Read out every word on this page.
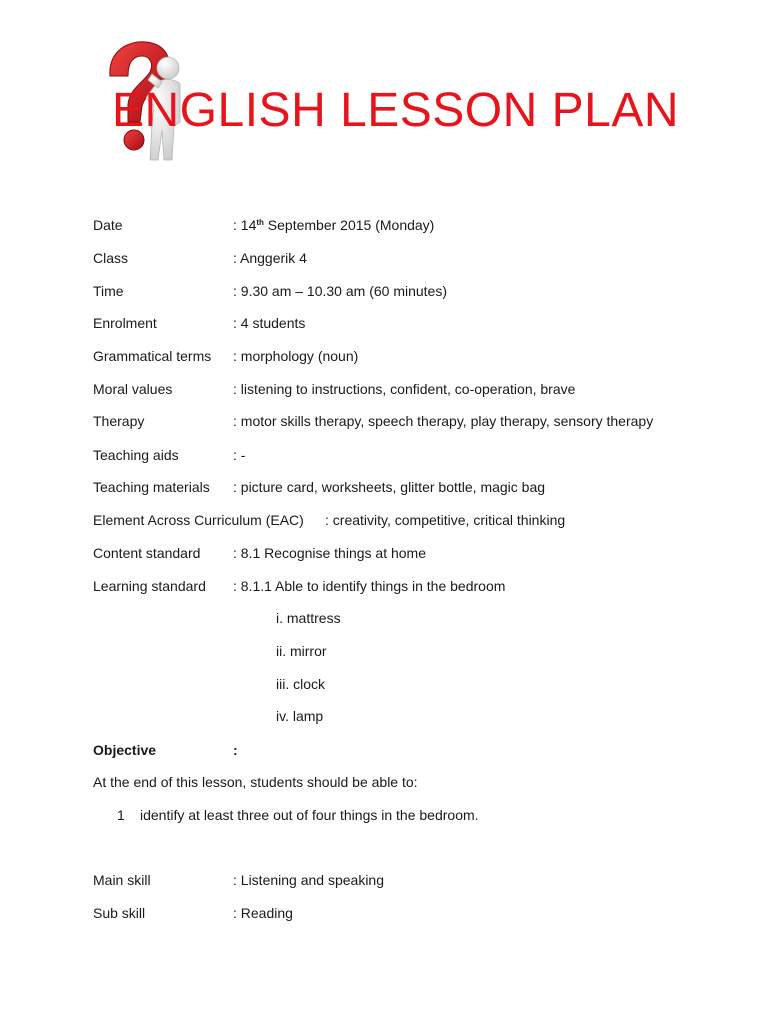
ENGLISH LESSON PLAN
Date	: 14th September 2015 (Monday)
Class	: Anggerik 4
Time	: 9.30 am – 10.30 am (60 minutes)
Enrolment	: 4 students
Grammatical terms : morphology (noun)
Moral values	: listening to instructions, confident, co-operation, brave
Therapy	: motor skills therapy, speech therapy, play therapy, sensory therapy
Teaching aids	: -
Teaching materials : picture card, worksheets, glitter bottle, magic bag
Element Across Curriculum (EAC) : creativity, competitive, critical thinking
Content standard : 8.1 Recognise things at home
Learning standard : 8.1.1 Able to identify things in the bedroom
i. mattress
ii. mirror
iii. clock
iv. lamp
Objective	:
At the end of this lesson, students should be able to:
1 identify at least three out of four things in the bedroom.
Main skill	: Listening and speaking
Sub skill	: Reading
